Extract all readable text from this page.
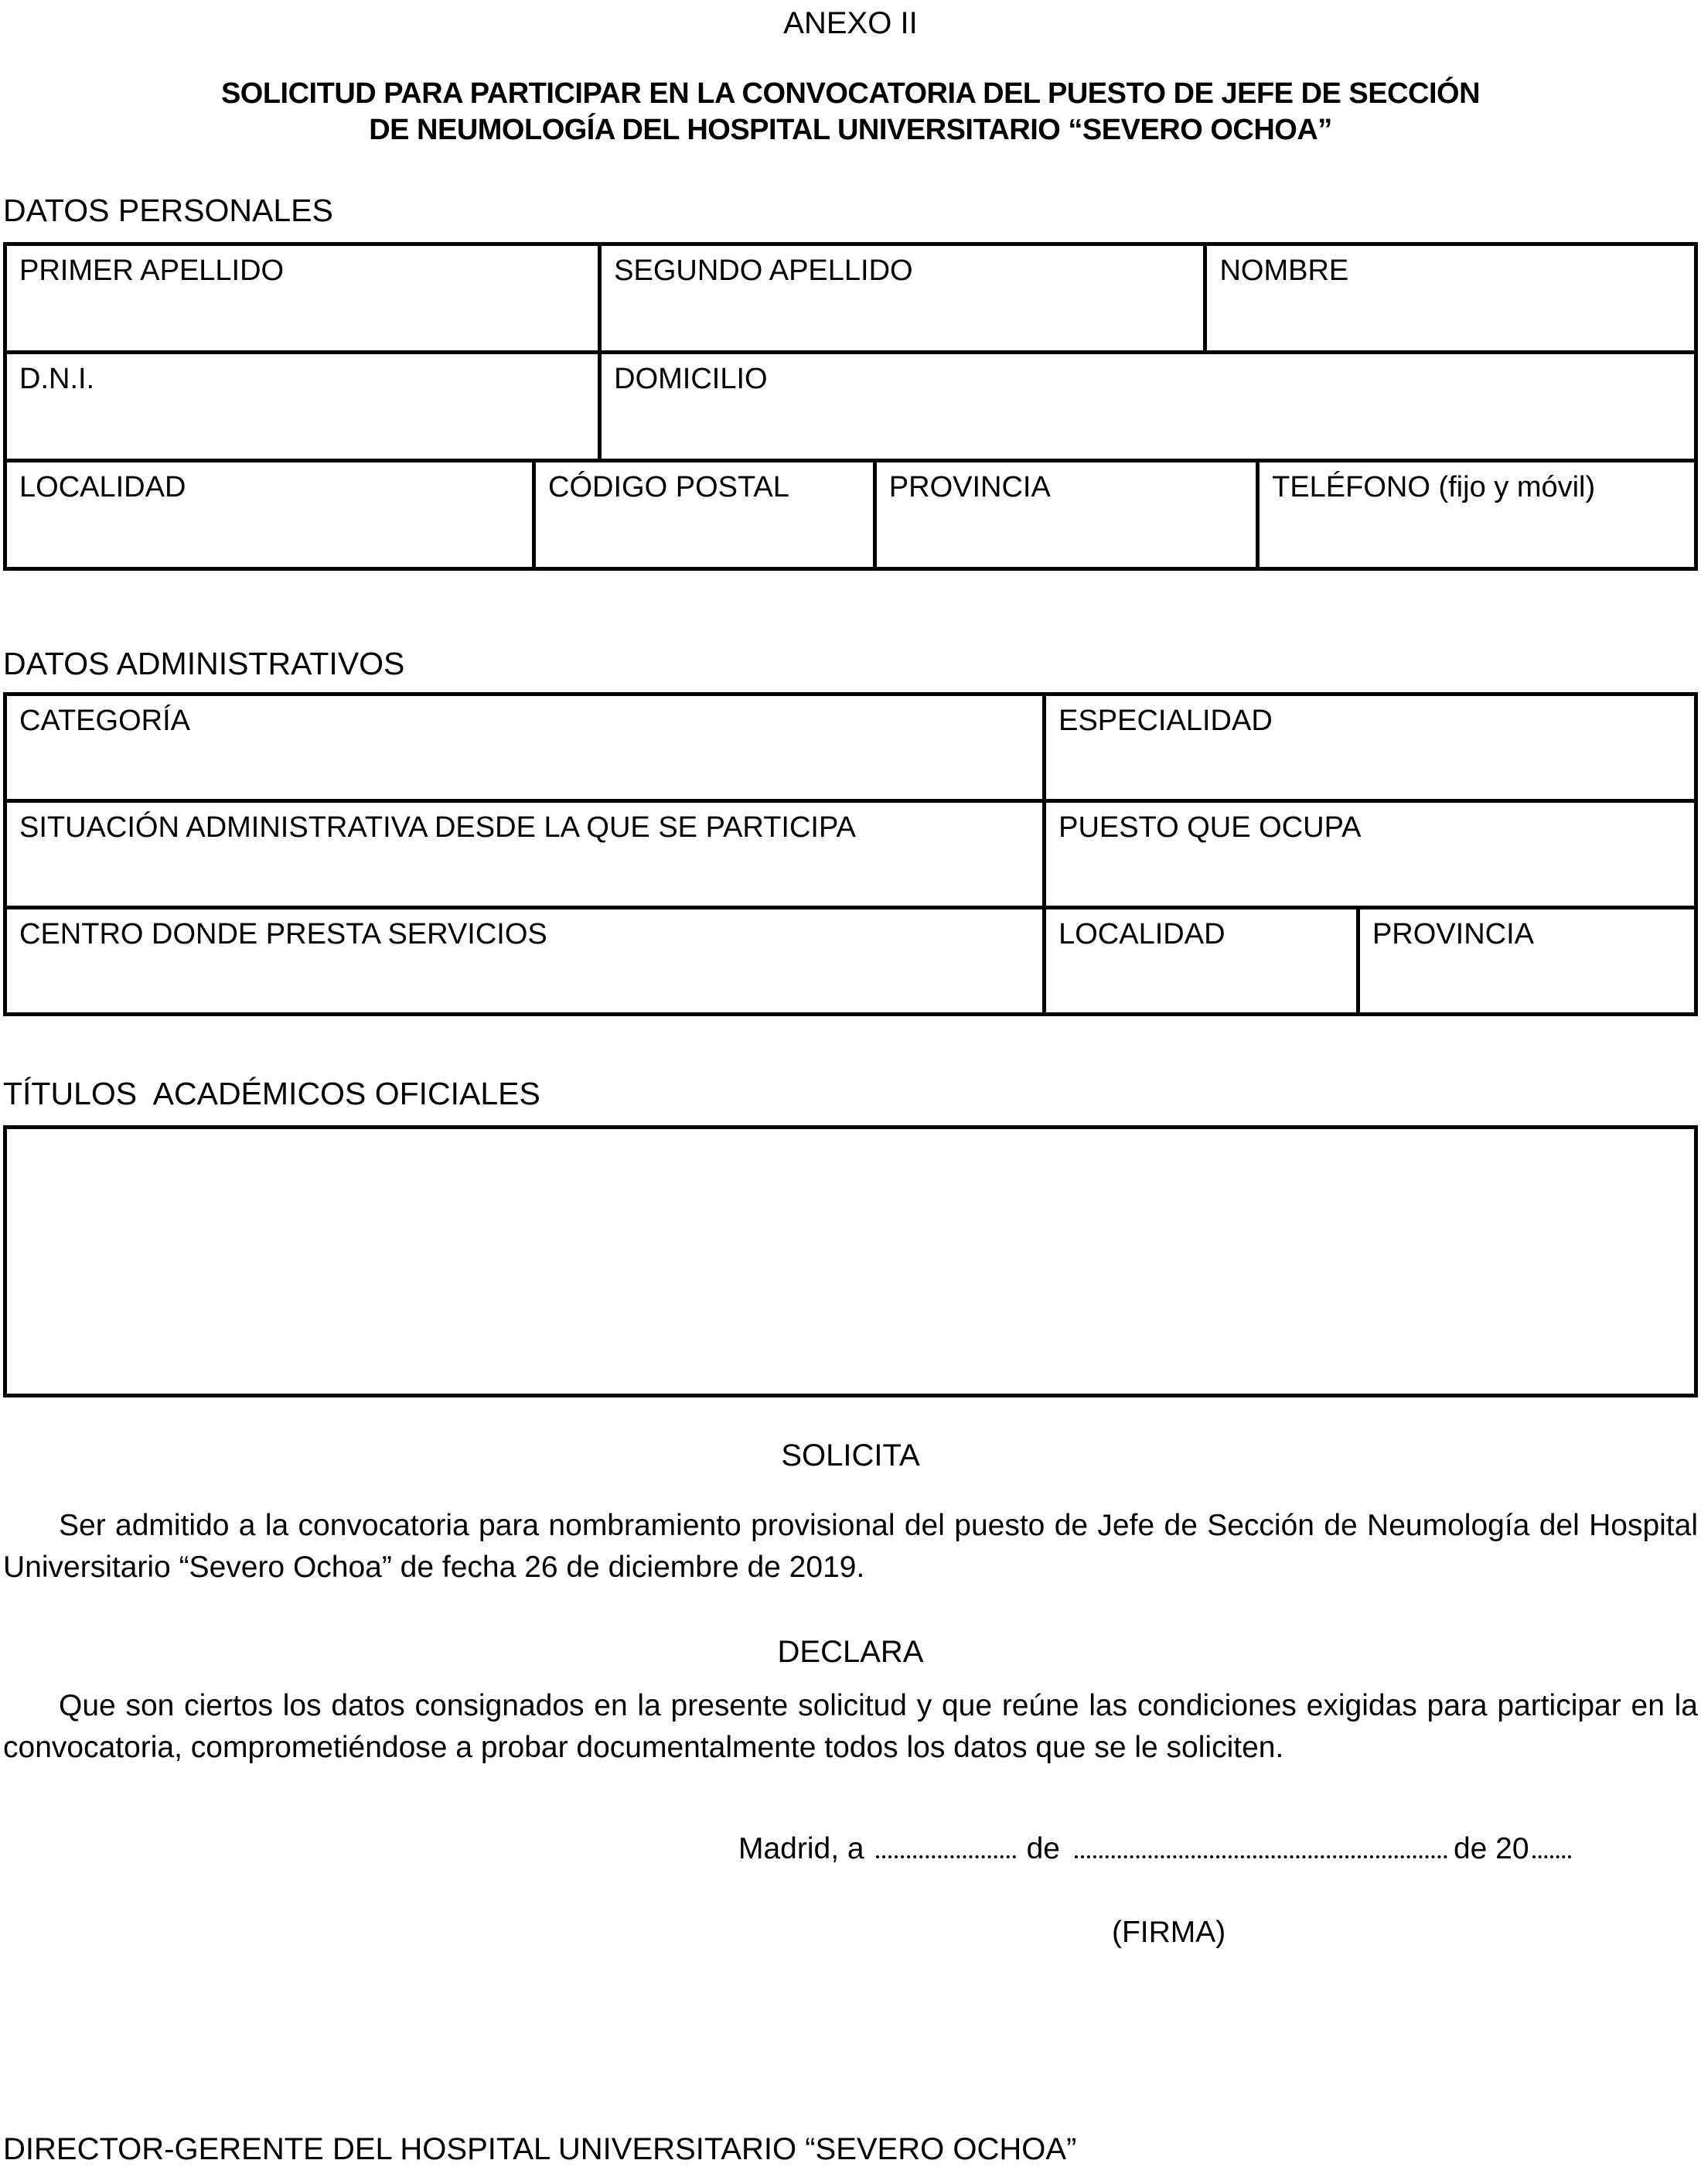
ANEXO II
SOLICITUD PARA PARTICIPAR EN LA CONVOCATORIA DEL PUESTO DE JEFE DE SECCIÓN
DE NEUMOLOGÍA DEL HOSPITAL UNIVERSITARIO “SEVERO OCHOA”
DATOS PERSONALES
PRIMER APELLIDO	SEGUNDO APELLIDO	NOMBRE
D.N.I.	DOMICILIO
LOCALIDAD	CÓDIGO POSTAL	PROVINCIA	TELÉFONO (fijo y móvil)
DATOS ADMINISTRATIVOS
CATEGORÍA	ESPECIALIDAD
SITUACIÓN ADMINISTRATIVA DESDE LA QUE SE PARTICIPA	PUESTO QUE OCUPA
CENTRO DONDE PRESTA SERVICIOS	LOCALIDAD	PROVINCIA
TÍTULOS  ACADÉMICOS OFICIALES
SOLICITA
Ser admitido a la convocatoria para nombramiento provisional del puesto de Jefe de Sección de Neumología del Hospital
Universitario “Severo Ochoa” de fecha 26 de diciembre de 2019.
DECLARA
Que son ciertos los datos consignados en la presente solicitud y que reúne las condiciones exigidas para participar en la
convocatoria, comprometiéndose a probar documentalmente todos los datos que se le soliciten.
Madrid, a	de	de 20
(FIRMA)
DIRECTOR-GERENTE DEL HOSPITAL UNIVERSITARIO “SEVERO OCHOA”
